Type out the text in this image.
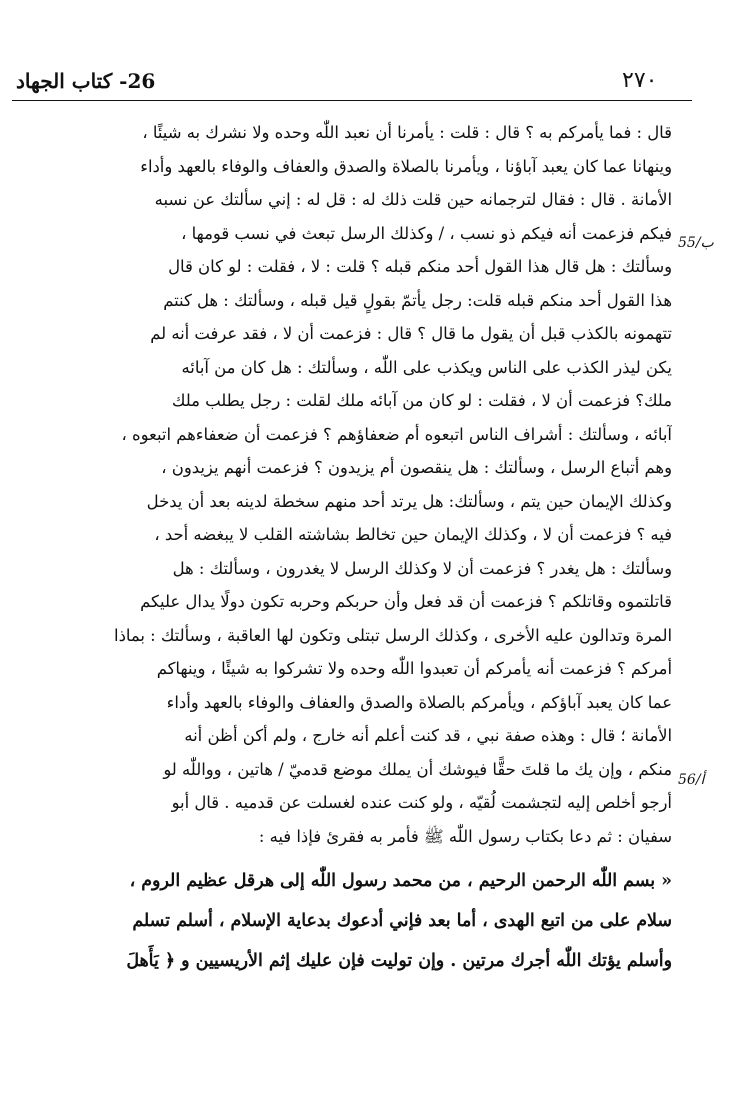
٢٧٠
26- كتاب الجهاد
55/ب
56/أ
قال : فما يأمركم به ؟ قال : قلت : يأمرنا أن نعبد اللّٰه وحده ولا نشرك به شيئًا ،
وينهانا عما كان يعبد آباؤنا ، ويأمرنا بالصلاة والصدق والعفاف والوفاء بالعهد وأداء
الأمانة . قال : فقال لترجمانه حين قلت ذلك له : قل له : إني سألتك عن نسبه
فيكم فزعمت أنه فيكم ذو نسب ، / وكذلك الرسل تبعث في نسب قومها ،
وسألتك : هل قال هذا القول أحد منكم قبله ؟ قلت : لا ، فقلت : لو كان قال
هذا القول أحد منكم قبله قلت: رجل يأتمّ بقولٍ قيل قبله ، وسألتك : هل كنتم
تتهمونه بالكذب قبل أن يقول ما قال ؟ قال : فزعمت أن لا ، فقد عرفت أنه لم
يكن ليذر الكذب على الناس ويكذب على اللّٰه ، وسألتك : هل كان من آبائه
ملك؟ فزعمت أن لا ، فقلت : لو كان من آبائه ملك لقلت : رجل يطلب ملك
آبائه ، وسألتك : أشراف الناس اتبعوه أم ضعفاؤهم ؟ فزعمت أن ضعفاءهم اتبعوه ،
وهم أتباع الرسل ، وسألتك : هل ينقصون أم يزيدون ؟ فزعمت أنهم يزيدون ،
وكذلك الإيمان حين يتم ، وسألتك: هل يرتد أحد منهم سخطة لدينه بعد أن يدخل
فيه ؟ فزعمت أن لا ، وكذلك الإيمان حين تخالط بشاشته القلب لا يبغضه أحد ،
وسألتك : هل يغدر ؟ فزعمت أن لا وكذلك الرسل لا يغدرون ، وسألتك : هل
قاتلتموه وقاتلكم ؟ فزعمت أن قد فعل وأن حربكم وحربه تكون دولًا يدال عليكم
المرة وتدالون عليه الأخرى ، وكذلك الرسل تبتلى وتكون لها العاقبة ، وسألتك : بماذا
أمركم ؟ فزعمت أنه يأمركم أن تعبدوا اللّٰه وحده ولا تشركوا به شيئًا ، وينهاكم
عما كان يعبد آباؤكم ، ويأمركم بالصلاة والصدق والعفاف والوفاء بالعهد وأداء
الأمانة ؛ قال : وهذه صفة نبي ، قد كنت أعلم أنه خارج ، ولم أكن أظن أنه
منكم ، وإن يك ما قلتَ حقًّا فيوشك أن يملك موضع قدميّ / هاتين ، وواللّٰه لو
أرجو أخلص إليه لتجشمت لُقيّه ، ولو كنت عنده لغسلت عن قدميه . قال أبو
سفيان : ثم دعا بكتاب رسول اللّٰه ﷺ فأمر به فقرئ فإذا فيه :
« بسم اللّٰه الرحمن الرحيم ، من محمد رسول اللّٰه إلى هرقل عظيم الروم ،
سلام على من اتبع الهدى ، أما بعد فإني أدعوك بدعاية الإسلام ، أسلم تسلم
وأسلم يؤتك اللّٰه أجرك مرتين . وإن توليت فإن عليك إثم الأريسيين و ﴿ يَأَهلَ
